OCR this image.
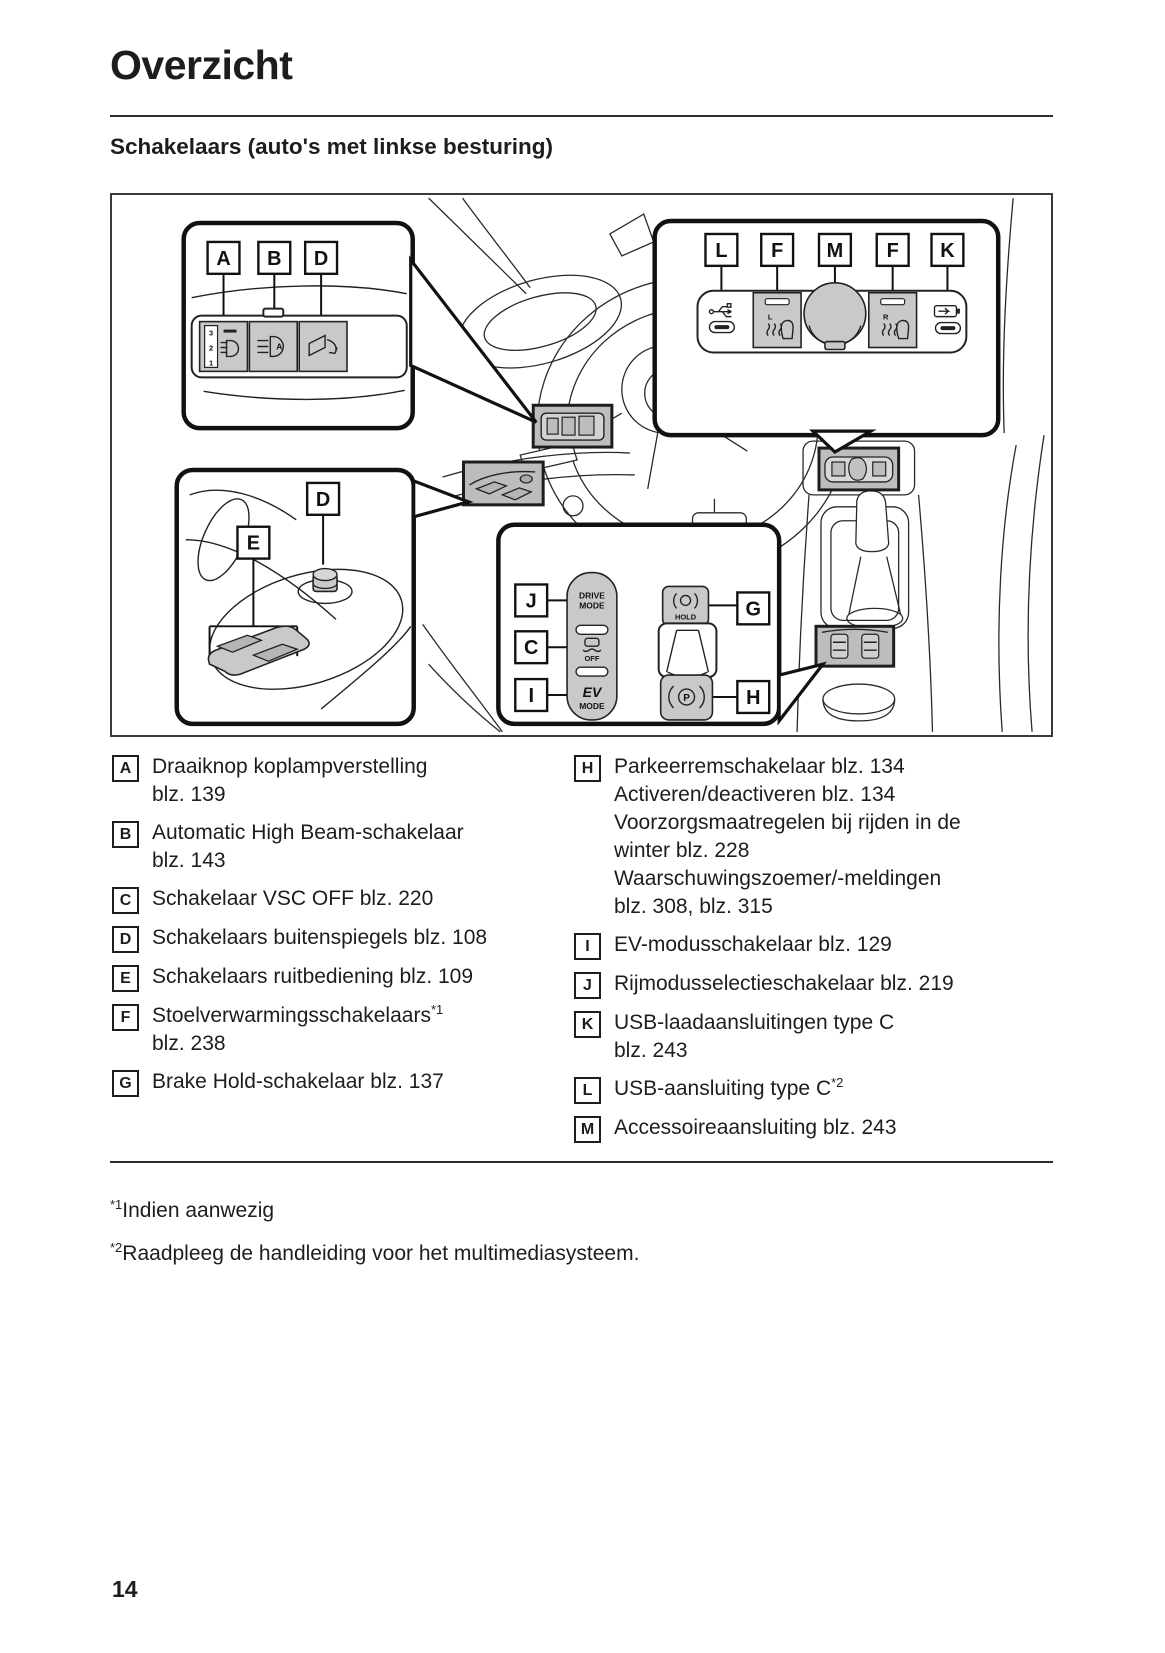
Overzicht
Schakelaars (auto's met linkse besturing)
A B D
3
2
1
A
L F M F K
L	R
D
E
J
C
I
DRIVE
MODE
OFF
EV
MODE
HOLD G
P	H
A Draaiknop koplampverstelling
blz. 139
B Automatic High Beam-schakelaar
blz. 143
C Schakelaar VSC OFF blz. 220
D Schakelaars buitenspiegels blz. 108
E	Schakelaars ruitbediening blz. 109
F	Stoelverwarmingsschakelaars$^{*1}$
blz. 238
G Brake Hold-schakelaar blz. 137
H Parkeerremschakelaar blz. 134
Activeren/deactiveren blz. 134
Voorzorgsmaatregelen bij rijden in de
winter blz. 228
Waarschuwingszoemer/-meldingen
blz. 308, blz. 315
I	EV-modusschakelaar blz. 129
J	Rijmodusselectieschakelaar blz. 219
K USB-laadaansluitingen type C
blz. 243
L	USB-aansluiting type C$^{*2}$
M Accessoireaansluiting blz. 243
$^{*1}$Indien aanwezig
$^{*2}$Raadpleeg de handleiding voor het multimediasysteem.
14
